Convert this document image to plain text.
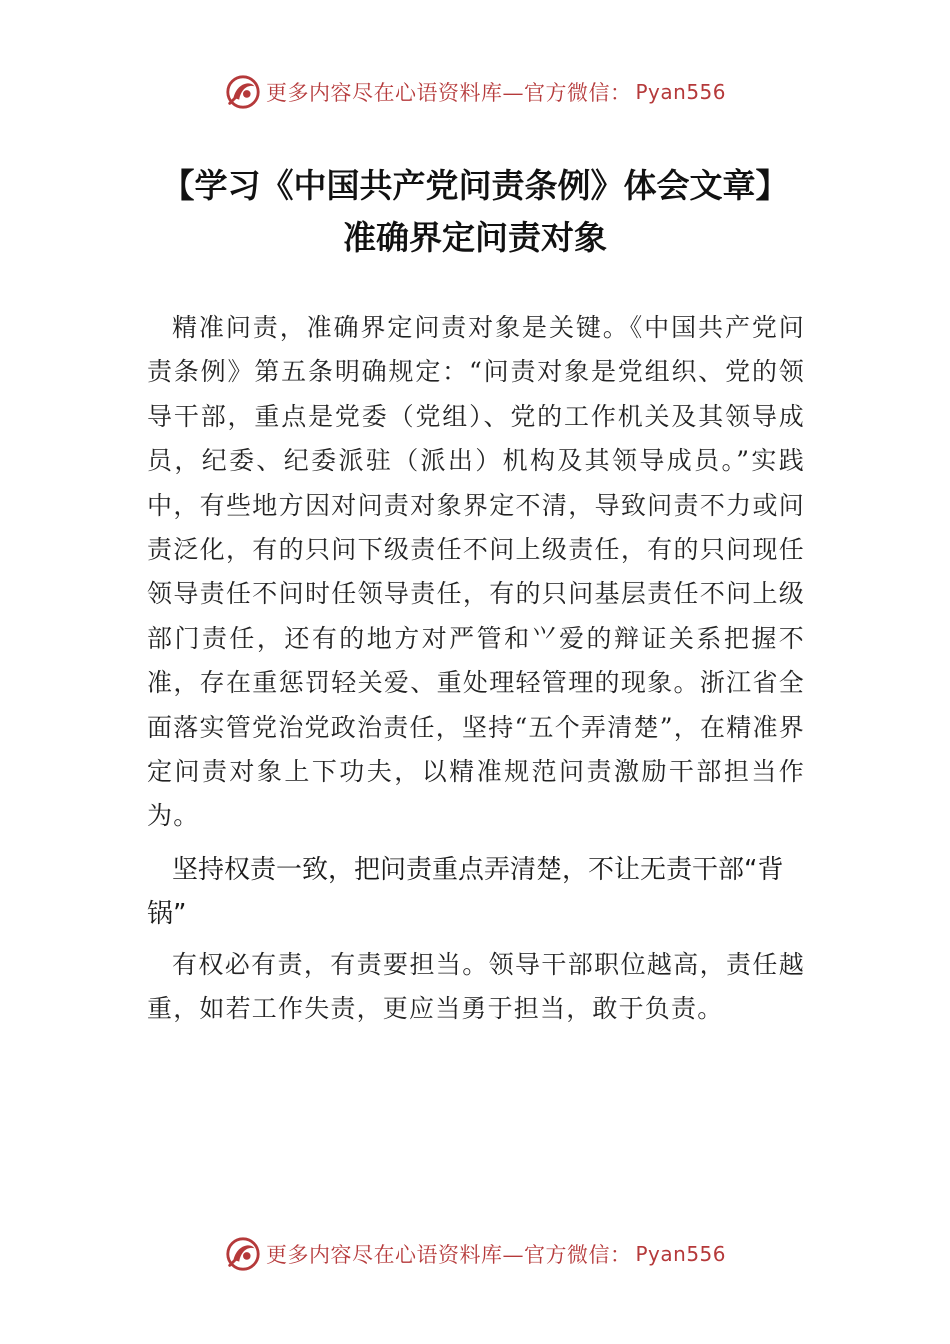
更多内容尽在心语资料库—官方微信： Pyan556
【学习《中国共产党问责条例》体会文章】
准确界定问责对象

精准问责，准确界定问责对象是关键。《中国共产党问责条例》第五条明确规定：“问责对象是党组织、党的领导干部，重点是党委（党组）、党的工作机关及其领导成员，纪委、纪委派驻（派出）机构及其领导成员。”实践中，有些地方因对问责对象界定不清，导致问责不力或问责泛化，有的只问下级责任不问上级责任，有的只问现任领导责任不问时任领导责任，有的只问基层责任不问上级部门责任，还有的地方对严管和⺍爱的辩证关系把握不准，存在重惩罚轻关爱、重处理轻管理的现象。浙江省全面落实管党治党政治责任，坚持“五个弄清楚”，在精准界定问责对象上下功夫，以精准规范问责激励干部担当作为。

坚持权责一致，把问责重点弄清楚，不让无责干部“背锅”

有权必有责，有责要担当。领导干部职位越高，责任越重，如若工作失责，更应当勇于担当，敢于负责。

更多内容尽在心语资料库—官方微信： Pyan556
